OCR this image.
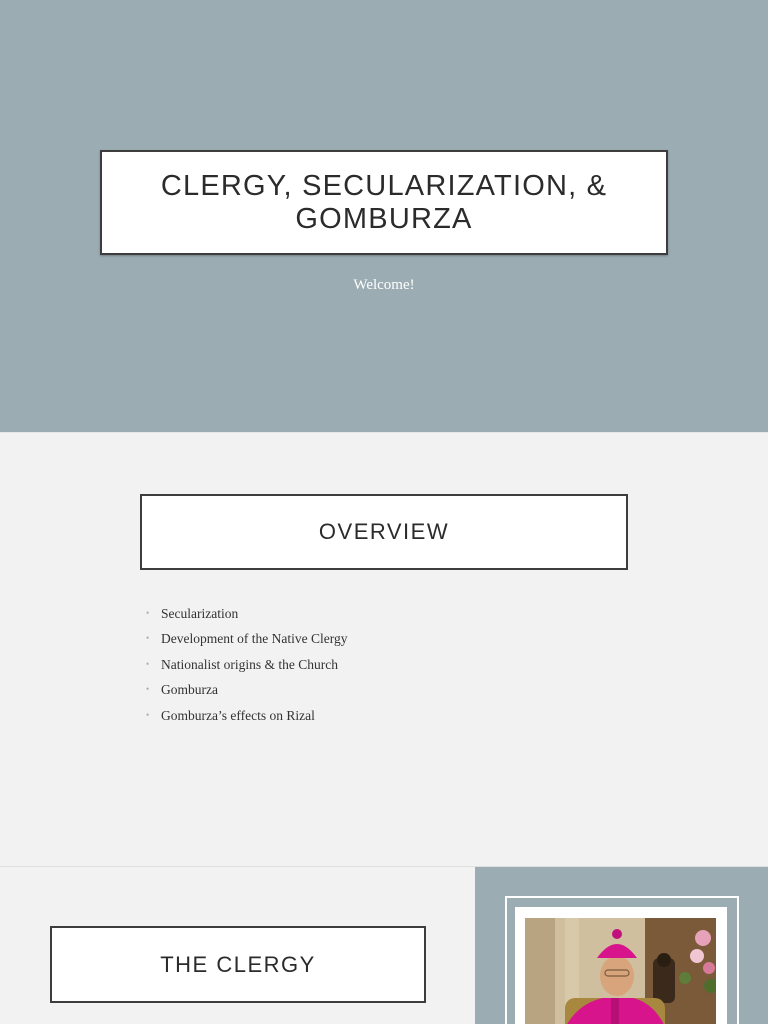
CLERGY, SECULARIZATION, & GOMBURZA
Welcome!
OVERVIEW
• Secularization
• Development of the Native Clergy
• Nationalist origins & the Church
• Gomburza
• Gomburza’s effects on Rizal
THE CLERGY
